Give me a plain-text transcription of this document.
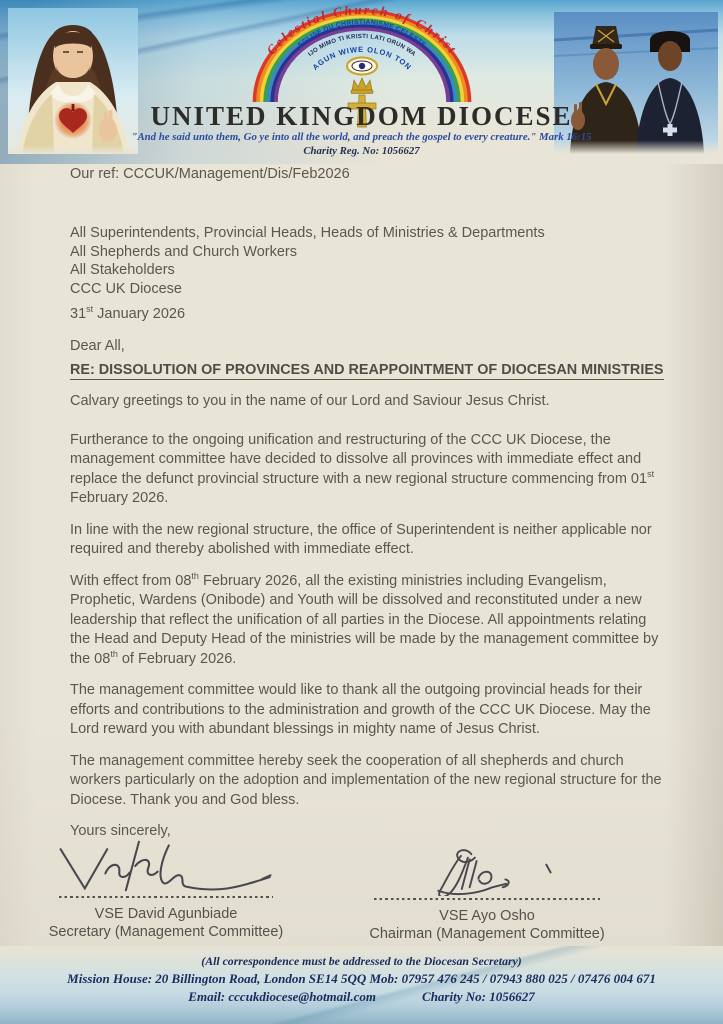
Celestial Church of Christ
EGLISE DU CHRISTIANISME CELESTE
IJO MIMO TI KRISTI LATI ORUN WA
AGUN WIWE OLON TON
UNITED KINGDOM DIOCESE
"And he said unto them, Go ye into all the world, and preach the gospel to every creature." Mark 16:15
Charity Reg. No: 1056627
Our ref: CCCUK/Management/Dis/Feb2026
All Superintendents, Provincial Heads, Heads of Ministries & Departments
All Shepherds and Church Workers
All Stakeholders
CCC UK Diocese
31st January 2026
Dear All,
RE: DISSOLUTION OF PROVINCES AND REAPPOINTMENT OF DIOCESAN MINISTRIES

Calvary greetings to you in the name of our Lord and Saviour Jesus Christ.

Furtherance to the ongoing unification and restructuring of the CCC UK Diocese, the management committee have decided to dissolve all provinces with immediate effect and replace the defunct provincial structure with a new regional structure commencing from 01st February 2026.

In line with the new regional structure, the office of Superintendent is neither applicable nor required and thereby abolished with immediate effect.

With effect from 08th February 2026, all the existing ministries including Evangelism, Prophetic, Wardens (Onibode) and Youth will be dissolved and reconstituted under a new leadership that reflect the unification of all parties in the Diocese. All appointments relating the Head and Deputy Head of the ministries will be made by the management committee by the 08th of February 2026.

The management committee would like to thank all the outgoing provincial heads for their efforts and contributions to the administration and growth of the CCC UK Diocese. May the Lord reward you with abundant blessings in mighty name of Jesus Christ.

The management committee hereby seek the cooperation of all shepherds and church workers particularly on the adoption and implementation of the new regional structure for the Diocese. Thank you and God bless.

Yours sincerely,

VSE David Agunbiade
Secretary (Management Committee)
VSE Ayo Osho
Chairman (Management Committee)
(All correspondence must be addressed to the Diocesan Secretary)
Mission House: 20 Billington Road, London SE14 5QQ Mob: 07957 476 245 / 07943 880 025 / 07476 004 671
Email: cccukdiocese@hotmail.com	Charity No: 1056627
